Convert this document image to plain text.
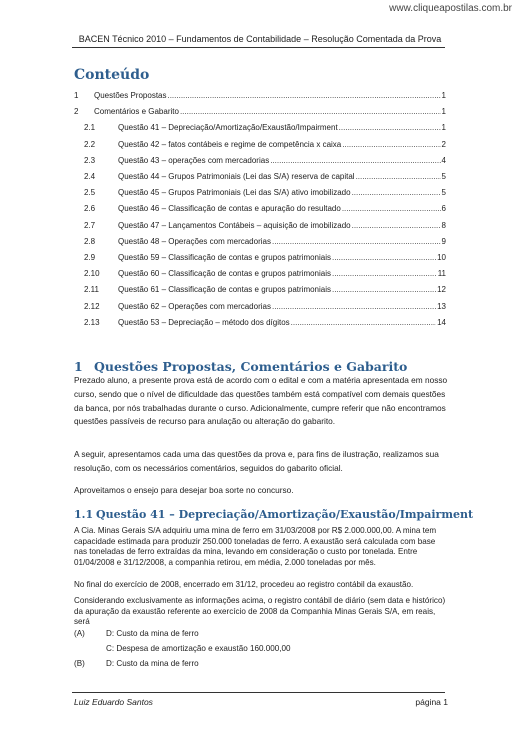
www.cliqueapostilas.com.br
BACEN Técnico 2010 – Fundamentos de Contabilidade – Resolução Comentada da Prova
Conteúdo
1	Questões Propostas .....	1
2	Comentários e Gabarito .....	1
2.1	Questão 41 – Depreciação/Amortização/Exaustão/Impairment .....	1
2.2	Questão 42 – fatos contábeis e regime de competência x caixa .....	2
2.3	Questão 43 – operações com mercadorias .....	4
2.4	Questão 44 – Grupos Patrimoniais (Lei das S/A) reserva de capital .....	5
2.5	Questão 45 – Grupos Patrimoniais (Lei das S/A) ativo imobilizado .....	5
2.6	Questão 46 – Classificação de contas e apuração do resultado .....	6
2.7	Questão 47 – Lançamentos Contábeis – aquisição de imobilizado .....	8
2.8	Questão 48 – Operações com mercadorias .....	9
2.9	Questão 59 – Classificação de contas e grupos patrimoniais .....	10
2.10	Questão 60 – Classificação de contas e grupos patrimoniais .....	11
2.11	Questão 61 – Classificação de contas e grupos patrimoniais .....	12
2.12	Questão 62 – Operações com mercadorias .....	13
2.13	Questão 53 – Depreciação – método dos dígitos .....	14
1 Questões Propostas, Comentários e Gabarito
Prezado aluno, a presente prova está de acordo com o edital e com a matéria apresentada em nosso curso, sendo que o nível de dificuldade das questões também está compatível com demais questões da banca, por nós trabalhadas durante o curso. Adicionalmente, cumpre referir que não encontramos questões passíveis de recurso para anulação ou alteração do gabarito.
A seguir, apresentamos cada uma das questões da prova e, para fins de ilustração, realizamos sua resolução, com os necessários comentários, seguidos do gabarito oficial.
Aproveitamos o ensejo para desejar boa sorte no concurso.
1.1 Questão 41 – Depreciação/Amortização/Exaustão/Impairment
A Cia. Minas Gerais S/A adquiriu uma mina de ferro em 31/03/2008 por R$ 2.000.000,00. A mina tem capacidade estimada para produzir 250.000 toneladas de ferro. A exaustão será calculada com base nas toneladas de ferro extraídas da mina, levando em consideração o custo por tonelada. Entre 01/04/2008 e 31/12/2008, a companhia retirou, em média, 2.000 toneladas por mês.
No final do exercício de 2008, encerrado em 31/12, procedeu ao registro contábil da exaustão.
Considerando exclusivamente as informações acima, o registro contábil de diário (sem data e histórico) da apuração da exaustão referente ao exercício de 2008 da Companhia Minas Gerais S/A, em reais, será
(A)	D: Custo da mina de ferro
C: Despesa de amortização e exaustão 160.000,00
(B)	D: Custo da mina de ferro
Luiz Eduardo Santos	página 1
